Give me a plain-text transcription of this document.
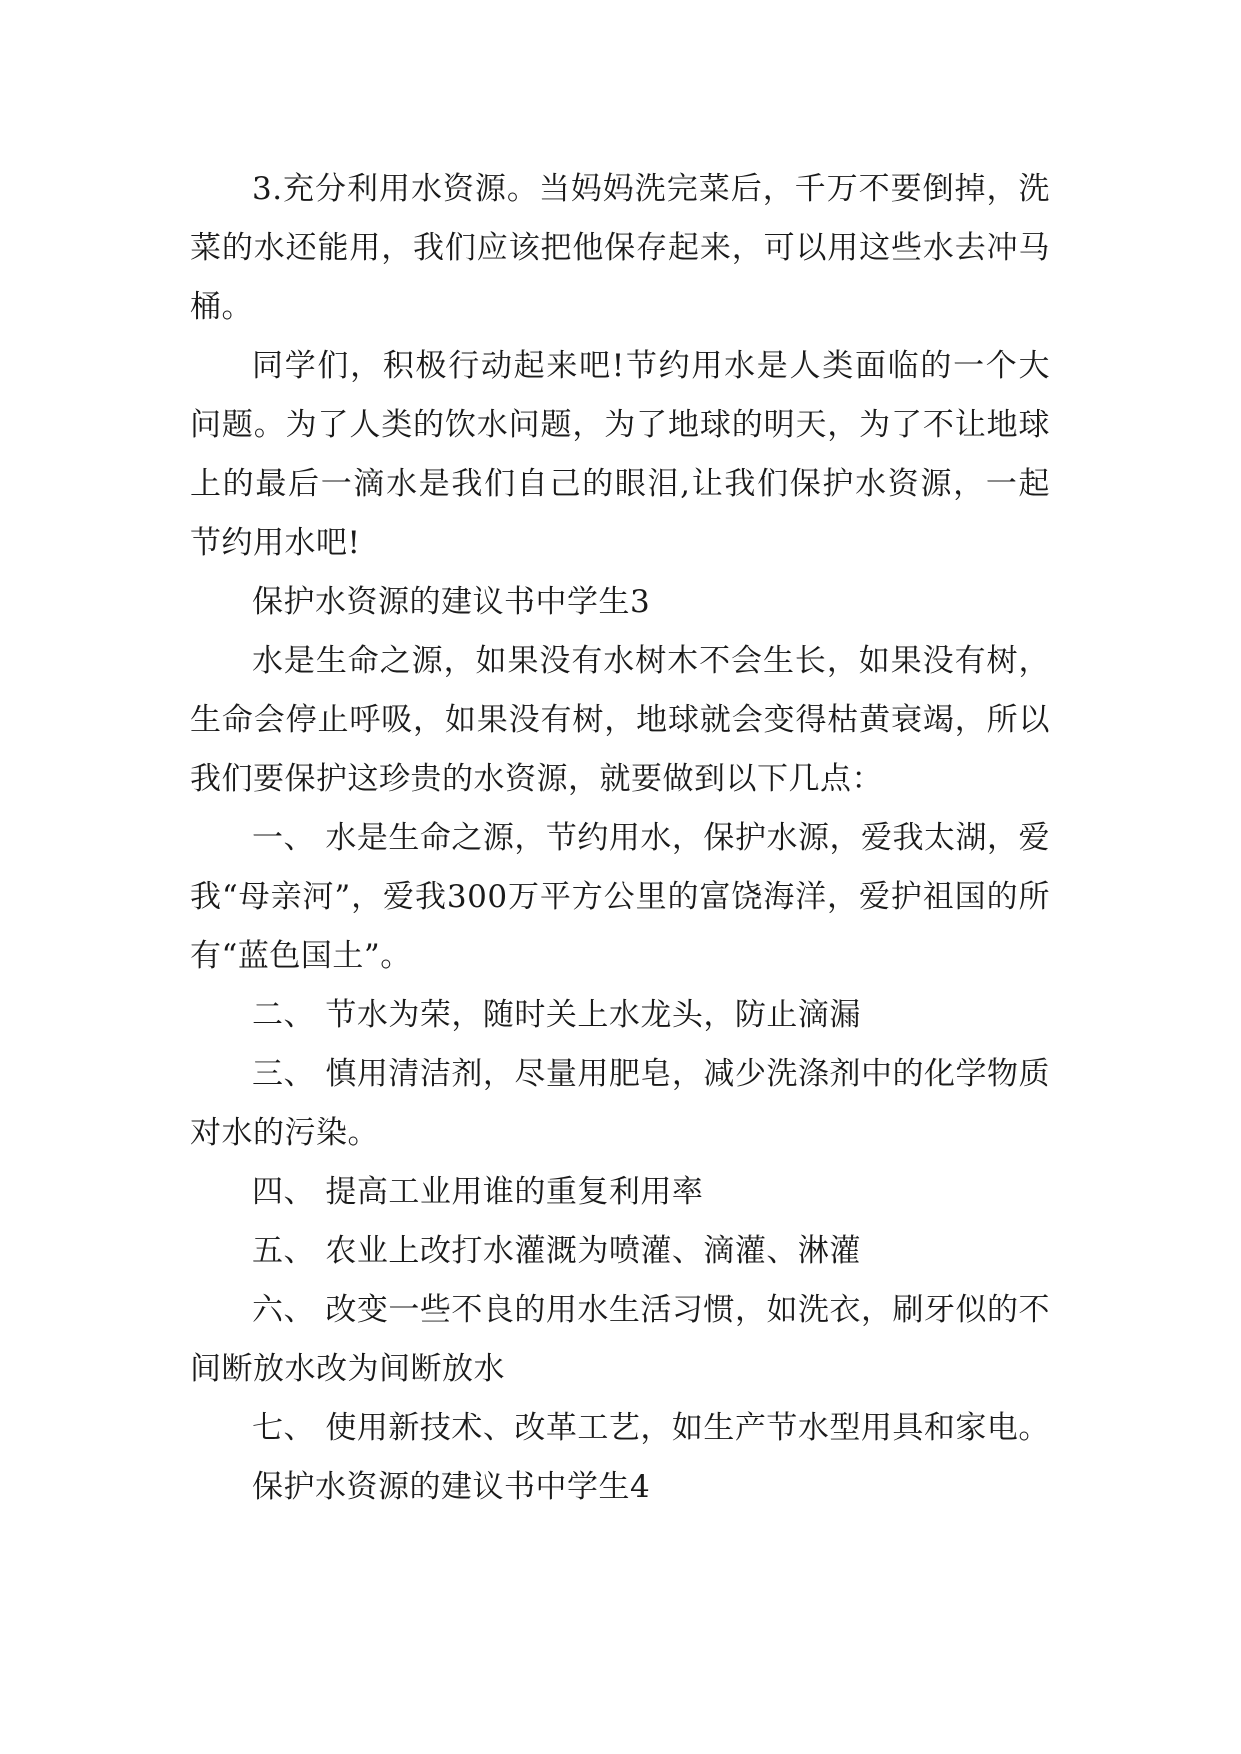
3.充分利用水资源。当妈妈洗完菜后，千万不要倒掉，洗菜的水还能用，我们应该把他保存起来，可以用这些水去冲马桶。

同学们，积极行动起来吧!节约用水是人类面临的一个大问题。为了人类的饮水问题，为了地球的明天，为了不让地球上的最后一滴水是我们自己的眼泪,让我们保护水资源，一起节约用水吧!

保护水资源的建议书中学生3

水是生命之源，如果没有水树木不会生长，如果没有树，生命会停止呼吸，如果没有树，地球就会变得枯黄衰竭，所以我们要保护这珍贵的水资源，就要做到以下几点：

一、 水是生命之源，节约用水，保护水源，爱我太湖，爱我“母亲河”，爱我300万平方公里的富饶海洋，爱护祖国的所有“蓝色国土”。

二、 节水为荣，随时关上水龙头，防止滴漏

三、 慎用清洁剂，尽量用肥皂，减少洗涤剂中的化学物质对水的污染。

四、 提高工业用谁的重复利用率

五、 农业上改打水灌溉为喷灌、滴灌、淋灌

六、 改变一些不良的用水生活习惯，如洗衣，刷牙似的不间断放水改为间断放水

七、 使用新技术、改革工艺，如生产节水型用具和家电。

保护水资源的建议书中学生4
